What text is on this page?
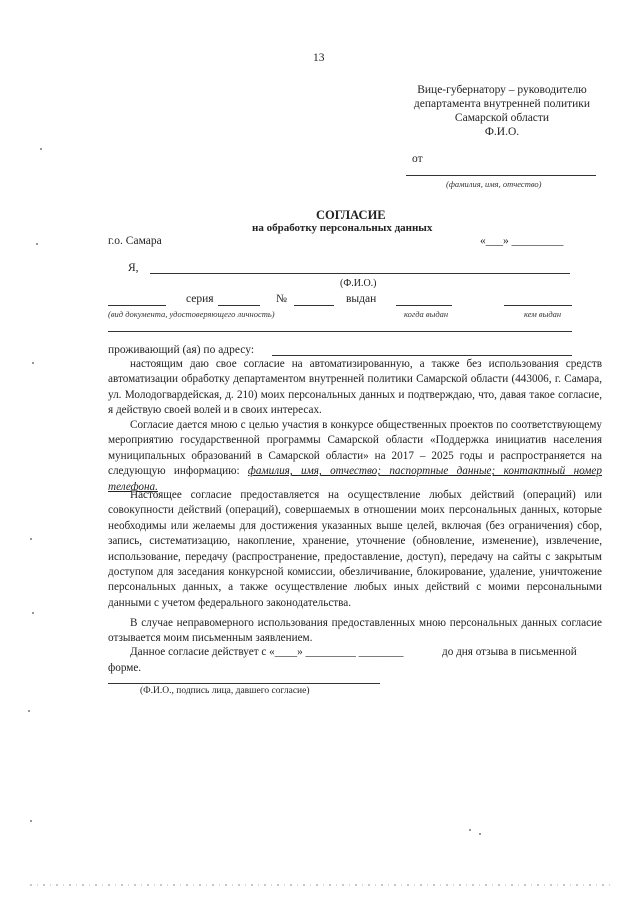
13
Вице-губернатору – руководителю
департамента внутренней политики
Самарской области
Ф.И.О.
от
(фамилия, имя, отчество)
СОГЛАСИЕ
на обработку персональных данных
г.о. Самара	«___» _________
Я,
(Ф.И.О.)
серия	№	выдан
(вид документа, удостоверяющего личность)	когда выдан	кем выдан
проживающий (ая) по адресу:
настоящим даю свое согласие на автоматизированную, а также без использования средств автоматизации обработку департаментом внутренней политики Самарской области (443006, г. Самара, ул. Молодогвардейская, д. 210) моих персональных данных и подтверждаю, что, давая такое согласие, я действую своей волей и в своих интересах.
Согласие дается мною с целью участия в конкурсе общественных проектов по соответствующему мероприятию государственной программы Самарской области «Поддержка инициатив населения муниципальных образований в Самарской области» на 2017 – 2025 годы и распространяется на следующую информацию: фамилия, имя, отчество; паспортные данные; контактный номер телефона.
Настоящее согласие предоставляется на осуществление любых действий (операций) или совокупности действий (операций), совершаемых в отношении моих персональных данных, которые необходимы или желаемы для достижения указанных выше целей, включая (без ограничения) сбор, запись, систематизацию, накопление, хранение, уточнение (обновление, изменение), извлечение, использование, передачу (распространение, предоставление, доступ), передачу на сайты с закрытым доступом для заседания конкурсной комиссии, обезличивание, блокирование, удаление, уничтожение персональных данных, а также осуществление любых иных действий с моими персональными данными с учетом федерального законодательства.
В случае неправомерного использования предоставленных мною персональных данных согласие отзывается моим письменным заявлением.
Данное согласие действует с «____» _________ ________	до дня отзыва в письменной
форме.
(Ф.И.О., подпись лица, давшего согласие)
